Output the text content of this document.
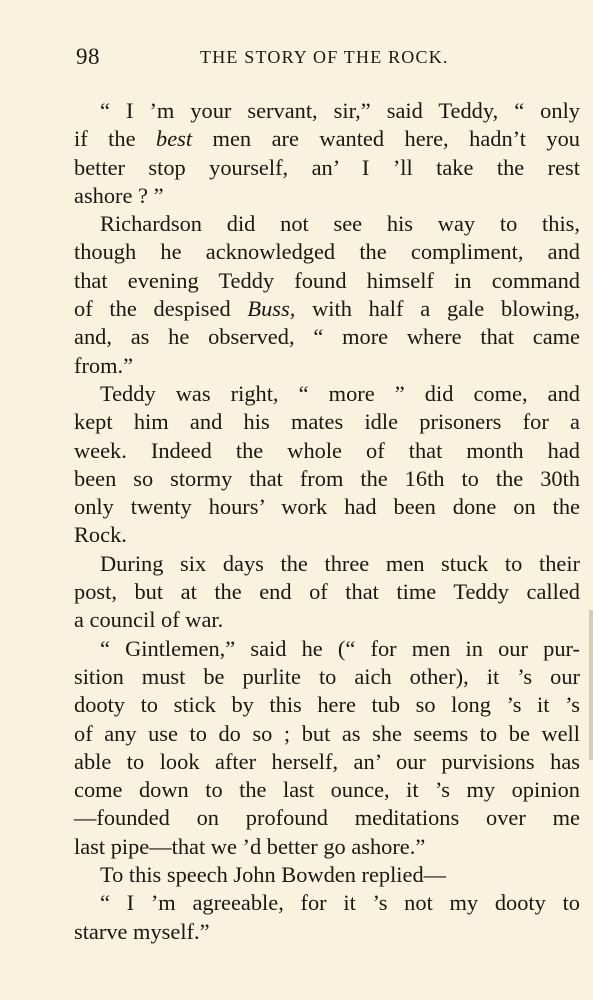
98	THE STORY OF THE ROCK.
“ I ’m your servant, sir,” said Teddy, “ only
if the best men are wanted here, hadn’t you
better stop yourself, an’ I ’ll take the rest
ashore ? ”
Richardson did not see his way to this,
though he acknowledged the compliment, and
that evening Teddy found himself in command
of the despised Buss, with half a gale blowing,
and, as he observed, “ more where that came
from.”
Teddy was right, “ more ” did come, and
kept him and his mates idle prisoners for a
week. Indeed the whole of that month had
been so stormy that from the 16th to the 30th
only twenty hours’ work had been done on the
Rock.
During six days the three men stuck to their
post, but at the end of that time Teddy called
a council of war.
“ Gintlemen,” said he (“ for men in our pur-
sition must be purlite to aich other), it ’s our
dooty to stick by this here tub so long ’s it ’s
of any use to do so ; but as she seems to be well
able to look after herself, an’ our purvisions has
come down to the last ounce, it ’s my opinion
—founded on profound meditations over me
last pipe—that we ’d better go ashore.”
To this speech John Bowden replied—
“ I ’m agreeable, for it ’s not my dooty to
starve myself.”
